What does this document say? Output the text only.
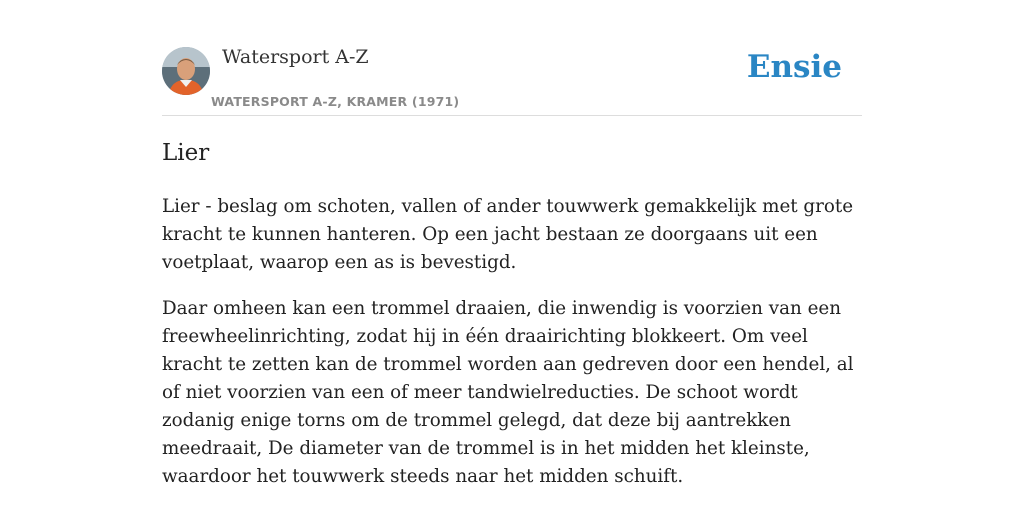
Watersport A-Z
WATERSPORT A-Z, KRAMER (1971)
Ensie
Lier

Lier - beslag om schoten, vallen of ander touwwerk gemakkelijk met grote kracht te kunnen hanteren. Op een jacht bestaan ze doorgaans uit een voetplaat, waarop een as is bevestigd.

Daar omheen kan een trommel draaien, die inwendig is voorzien van een freewheelinrichting, zodat hij in één draairichting blokkeert. Om veel kracht te zetten kan de trommel worden aan gedreven door een hendel, al of niet voorzien van een of meer tandwielreducties. De schoot wordt zodanig enige torns om de trommel gelegd, dat deze bij aantrekken meedraait, De diameter van de trommel is in het midden het kleinste, waardoor het touwwerk steeds naar het midden schuift.
